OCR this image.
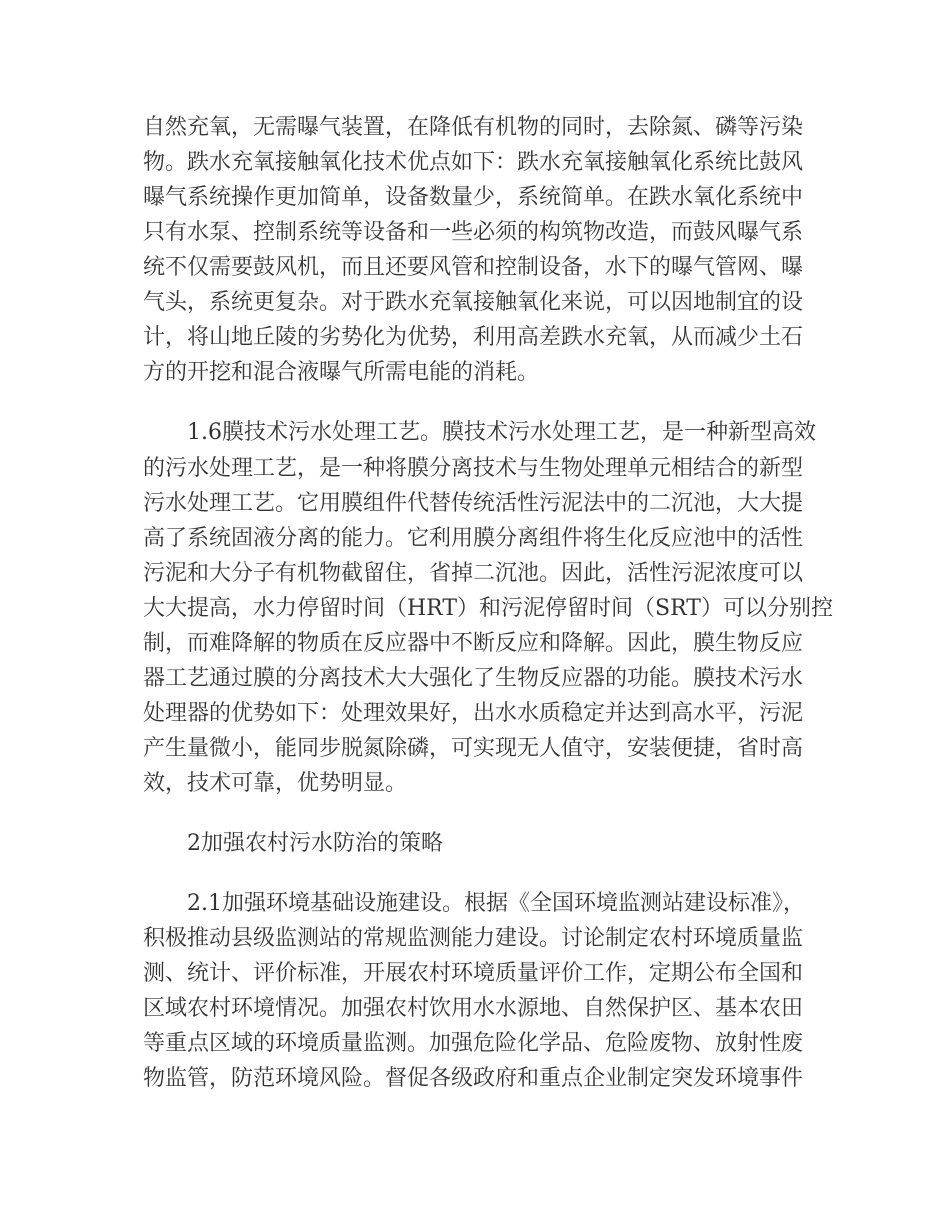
自然充氧，无需曝气装置，在降低有机物的同时，去除氮、磷等污染
物。跌水充氧接触氧化技术优点如下：跌水充氧接触氧化系统比鼓风
曝气系统操作更加简单，设备数量少，系统简单。在跌水氧化系统中
只有水泵、控制系统等设备和一些必须的构筑物改造，而鼓风曝气系
统不仅需要鼓风机，而且还要风管和控制设备，水下的曝气管网、曝
气头，系统更复杂。对于跌水充氧接触氧化来说，可以因地制宜的设
计，将山地丘陵的劣势化为优势，利用高差跌水充氧，从而减少土石
方的开挖和混合液曝气所需电能的消耗。
1.6膜技术污水处理工艺。膜技术污水处理工艺，是一种新型高效
的污水处理工艺，是一种将膜分离技术与生物处理单元相结合的新型
污水处理工艺。它用膜组件代替传统活性污泥法中的二沉池，大大提
高了系统固液分离的能力。它利用膜分离组件将生化反应池中的活性
污泥和大分子有机物截留住，省掉二沉池。因此，活性污泥浓度可以
大大提高，水力停留时间（HRT）和污泥停留时间（SRT）可以分别控
制，而难降解的物质在反应器中不断反应和降解。因此，膜生物反应
器工艺通过膜的分离技术大大强化了生物反应器的功能。膜技术污水
处理器的优势如下：处理效果好，出水水质稳定并达到高水平，污泥
产生量微小，能同步脱氮除磷，可实现无人值守，安装便捷，省时高
效，技术可靠，优势明显。
2加强农村污水防治的策略
2.1加强环境基础设施建设。根据《全国环境监测站建设标准》，
积极推动县级监测站的常规监测能力建设。讨论制定农村环境质量监
测、统计、评价标准，开展农村环境质量评价工作，定期公布全国和
区域农村环境情况。加强农村饮用水水源地、自然保护区、基本农田
等重点区域的环境质量监测。加强危险化学品、危险废物、放射性废
物监管，防范环境风险。督促各级政府和重点企业制定突发环境事件
